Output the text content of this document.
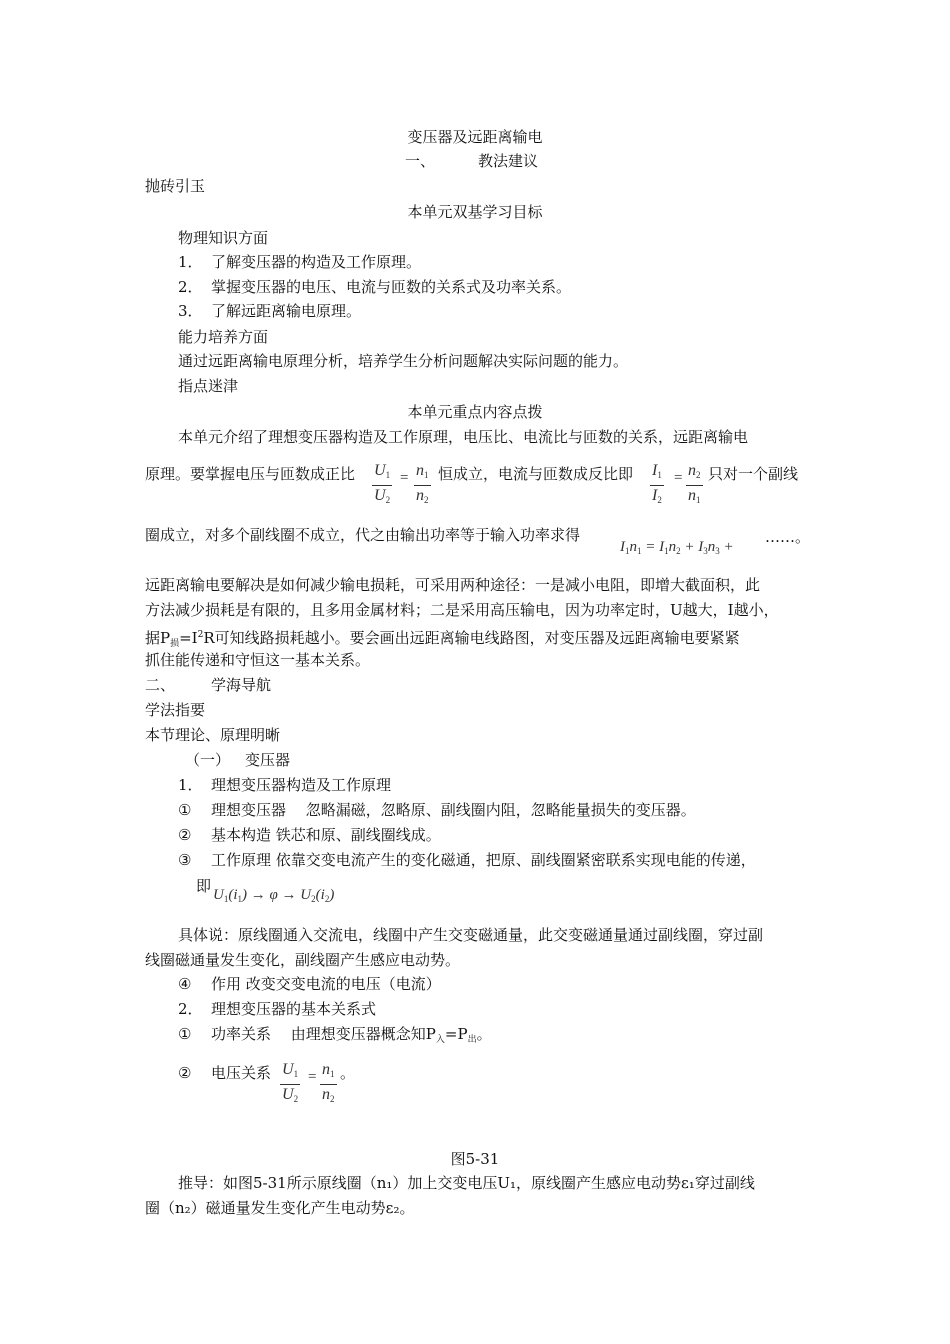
变压器及远距离输电
一、	教法建议
抛砖引玉
本单元双基学习目标
物理知识方面
1． 了解变压器的构造及工作原理。
2． 掌握变压器的电压、电流与匝数的关系式及功率关系。
3． 了解远距离输电原理。
能力培养方面
通过远距离输电原理分析，培养学生分析问题解决实际问题的能力。
指点迷津
本单元重点内容点拨
本单元介绍了理想变压器构造及工作原理，电压比、电流比与匝数的关系，远距离输电
原理。要掌握电压与匝数成正比 $\frac{U_1}{U_2} = \frac{n_1}{n_2}$ 恒成立，电流与匝数成反比即 $\frac{I_1}{I_2} = \frac{n_2}{n_1}$ 只对一个副线
圈成立，对多个副线圈不成立，代之由输出功率等于输入功率求得
$I_1n_1 = I_1n_2 + I_3n_3$ +
……。
远距离输电要解决是如何减少输电损耗，可采用两种途径：一是减小电阻，即增大截面积，此
方法减少损耗是有限的，且多用金属材料；二是采用高压输电，因为功率定时，U越大，I越小，
据$P_损=I^2R$可知线路损耗越小。要会画出远距离输电线路图，对变压器及远距离输电要紧紧
抓住能传递和守恒这一基本关系。
二、 学海导航
学法指要
本节理论、原理明晰
（一） 变压器
1． 理想变压器构造及工作原理
① 理想变压器　 忽略漏磁，忽略原、副线圈内阻，忽略能量损失的变压器。
② 基本构造 铁芯和原、副线圈线成。
③ 工作原理 依靠交变电流产生的变化磁通，把原、副线圈紧密联系实现电能的传递，
即 $U_1(i_1) \to \varphi \to U_2(i_2)$
具体说：原线圈通入交流电，线圈中产生交变磁通量，此交变磁通量通过副线圈，穿过副
线圈磁通量发生变化，副线圈产生感应电动势。
④ 作用 改变交变电流的电压（电流）
2． 理想变压器的基本关系式
① 功率关系　 由理想变压器概念知$P_入=P_出$。
② 电压关系 $\frac{U_1}{U_2} = \frac{n_1}{n_2}$ 。
图5-31
推导：如图5-31所示原线圈（n₁）加上交变电压U₁，原线圈产生感应电动势ε₁穿过副线
圈（n₂）磁通量发生变化产生电动势ε₂。
